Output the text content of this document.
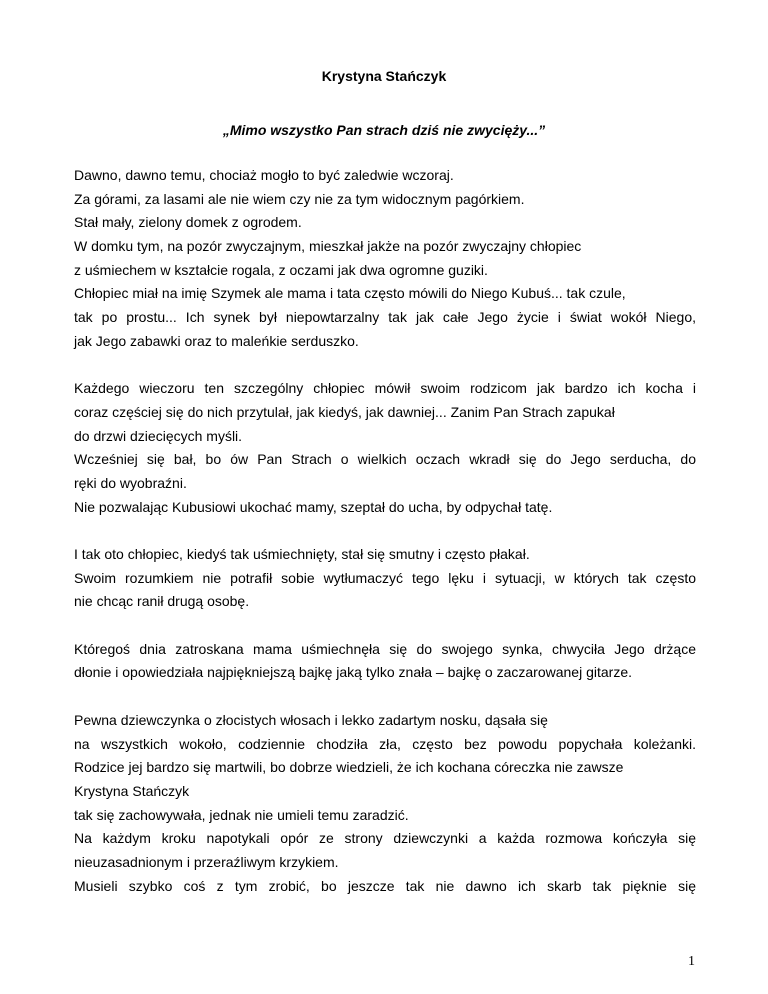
Krystyna Stańczyk
„Mimo wszystko Pan strach dziś nie zwycięży...”
Dawno, dawno temu, chociaż mogło to być zaledwie wczoraj.
Za górami, za lasami ale nie wiem czy nie za tym widocznym pagórkiem.
Stał mały, zielony domek z ogrodem.
W domku tym, na pozór zwyczajnym, mieszkał jakże na pozór zwyczajny chłopiec
z uśmiechem w kształcie rogala, z oczami jak dwa ogromne guziki.
Chłopiec miał na imię Szymek ale mama i tata często mówili do Niego Kubuś... tak czule,
tak po prostu... Ich synek był niepowtarzalny tak jak całe Jego życie i świat wokół Niego,
jak Jego zabawki oraz to maleńkie serduszko.
Każdego wieczoru ten szczególny chłopiec mówił swoim rodzicom jak bardzo ich kocha i
coraz częściej się do nich przytulał, jak kiedyś, jak dawniej... Zanim Pan Strach zapukał
do drzwi dziecięcych myśli.
Wcześniej się bał, bo ów Pan Strach o wielkich oczach wkradł się do Jego serducha, do
ręki do wyobraźni.
Nie pozwalając Kubusiowi ukochać mamy, szeptał do ucha, by odpychał tatę.
I tak oto chłopiec, kiedyś tak uśmiechnięty, stał się smutny i często płakał.
Swoim rozumkiem nie potrafił sobie wytłumaczyć tego lęku i sytuacji, w których tak często
nie chcąc ranił drugą osobę.
Któregoś dnia zatroskana mama uśmiechnęła się do swojego synka, chwyciła Jego drżące
dłonie i opowiedziała najpiękniejszą bajkę jaką tylko znała – bajkę o zaczarowanej gitarze.
Pewna dziewczynka o złocistych włosach i lekko zadartym nosku, dąsała się
na wszystkich wokoło, codziennie chodziła zła, często bez powodu popychała koleżanki.
Rodzice jej bardzo się martwili, bo dobrze wiedzieli, że ich kochana córeczka nie zawsze
Krystyna Stańczyk
tak się zachowywała, jednak nie umieli temu zaradzić.
Na każdym kroku napotykali opór ze strony dziewczynki a każda rozmowa kończyła się
nieuzasadnionym i przeraźliwym krzykiem.
Musieli szybko coś z tym zrobić, bo jeszcze tak nie dawno ich skarb tak pięknie się
1
